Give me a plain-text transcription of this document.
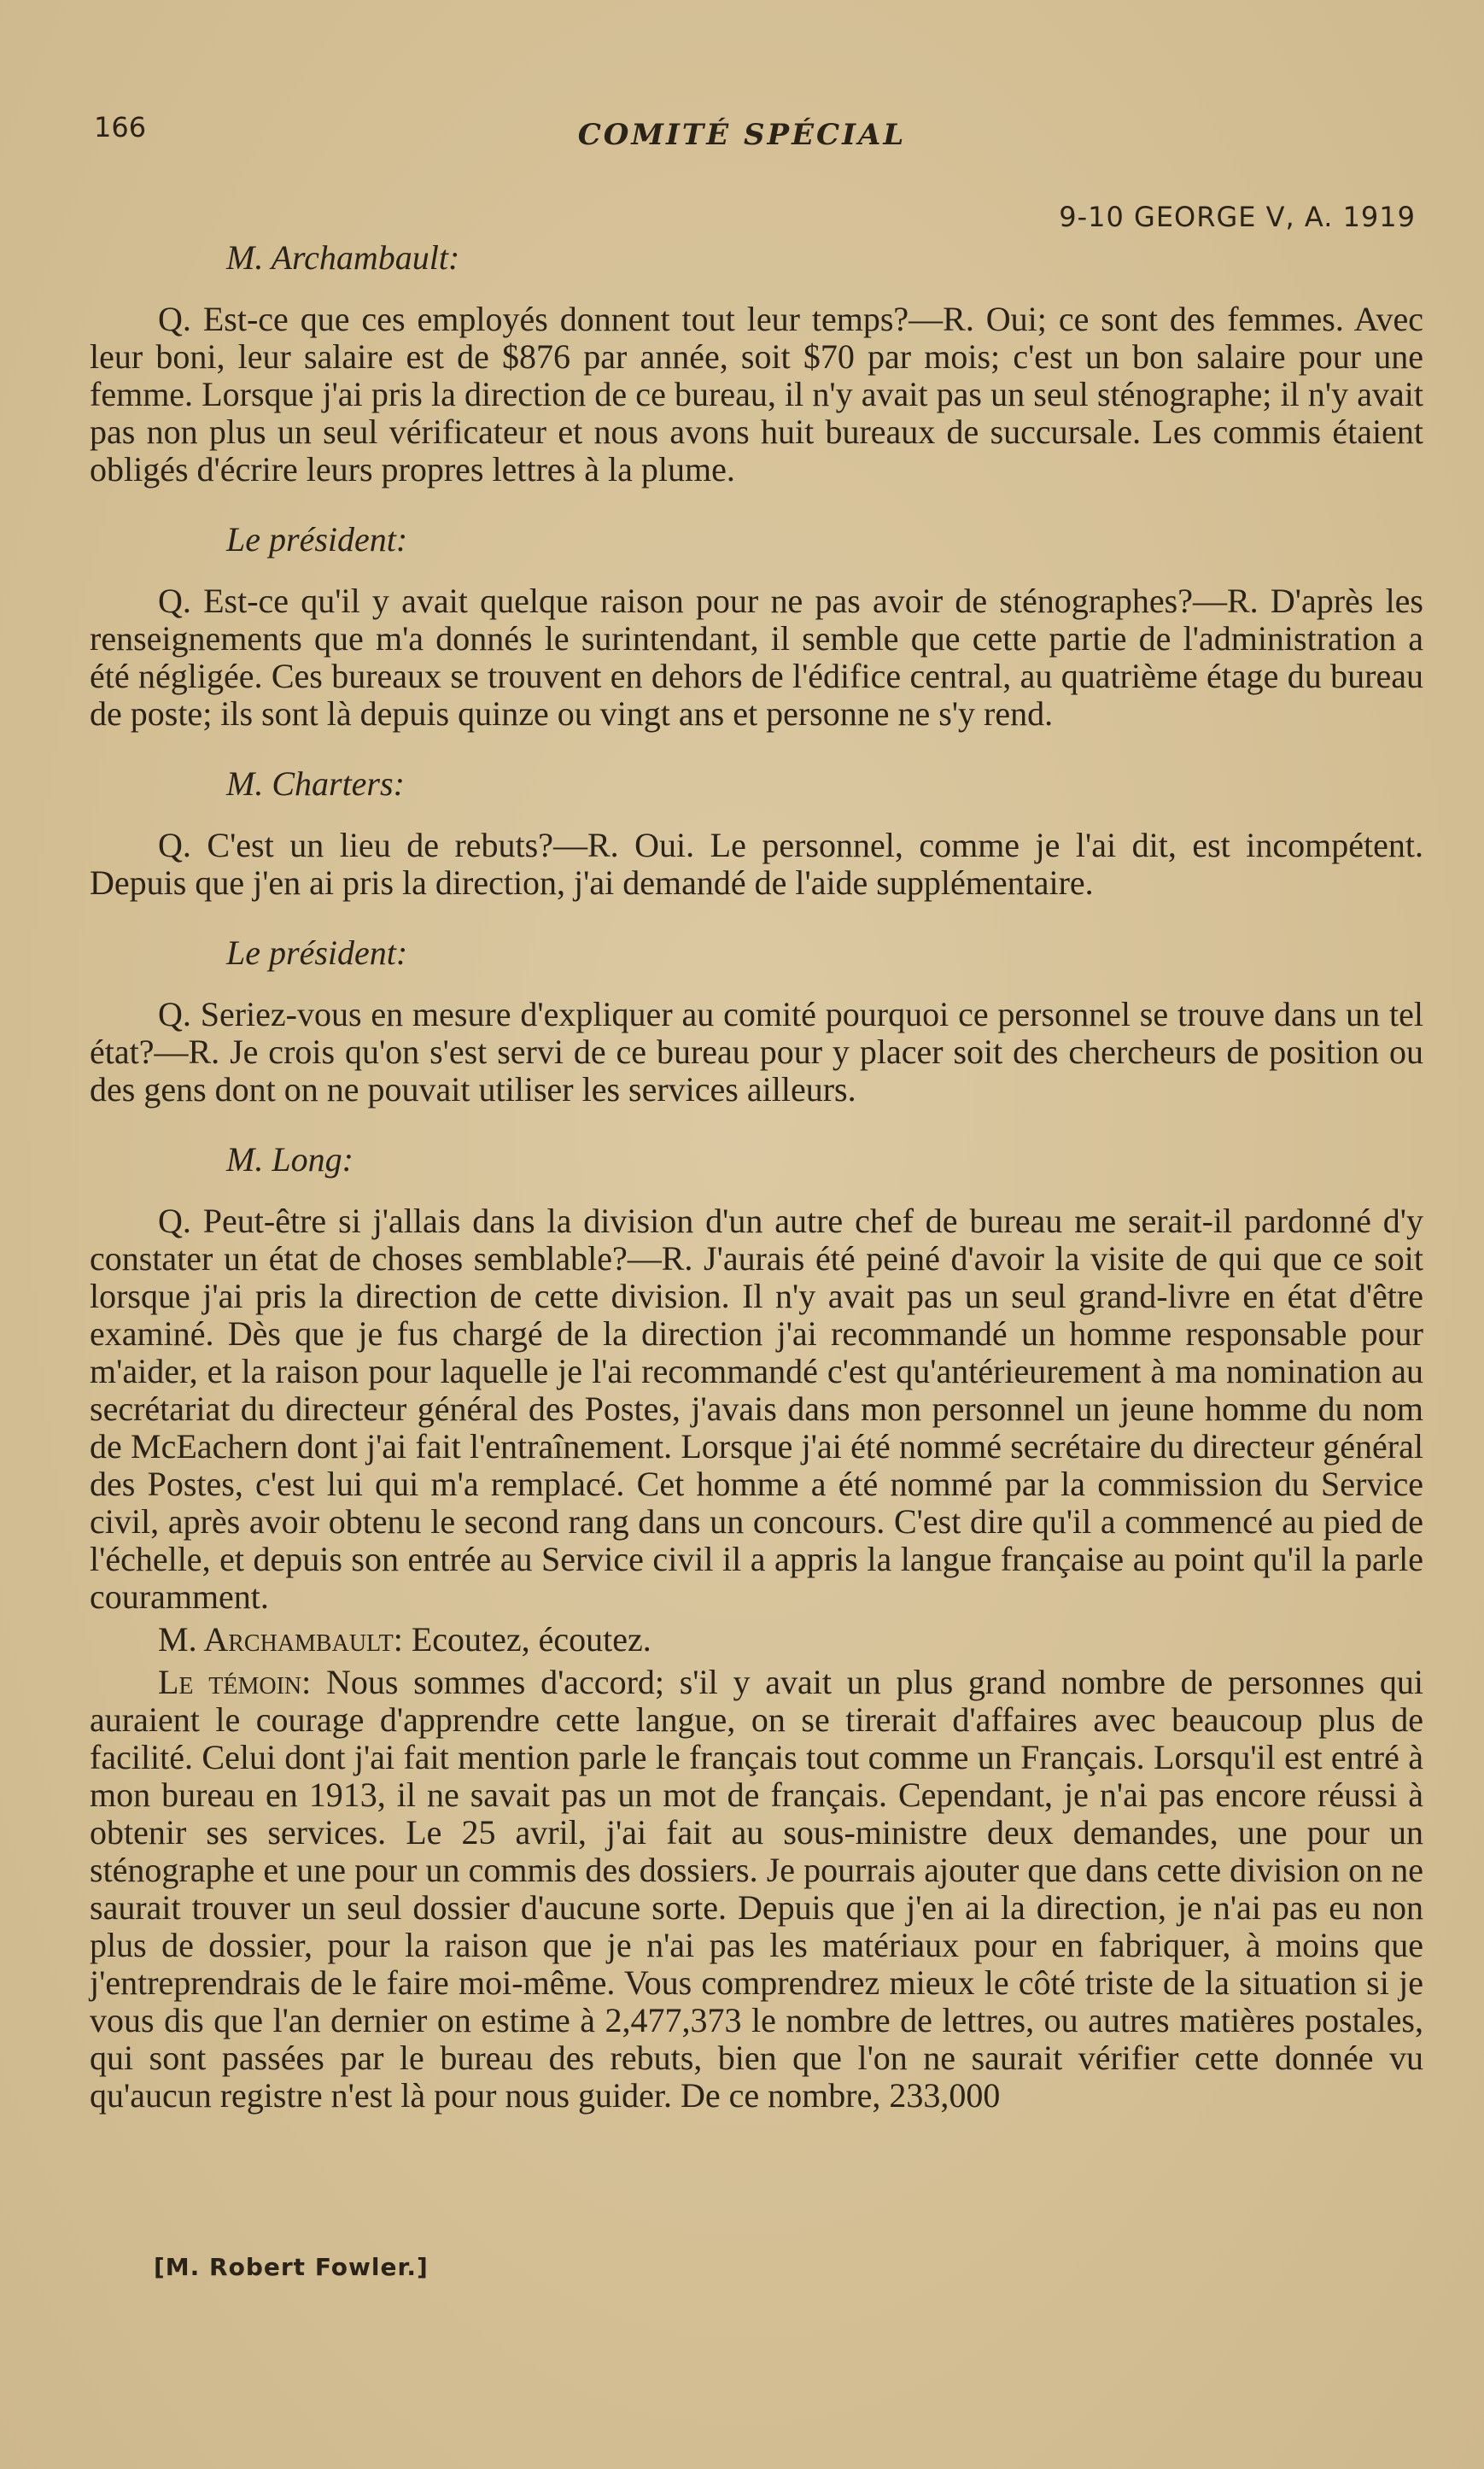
166	COMITÉ SPÉCIAL
9-10 GEORGE V, A. 1919
M. Archambault:

Q. Est-ce que ces employés donnent tout leur temps?—R. Oui; ce sont des femmes. Avec leur boni, leur salaire est de $876 par année, soit $70 par mois; c'est un bon salaire pour une femme. Lorsque j'ai pris la direction de ce bureau, il n'y avait pas un seul sténographe; il n'y avait pas non plus un seul vérificateur et nous avons huit bureaux de succursale. Les commis étaient obligés d'écrire leurs propres lettres à la plume.

Le président:

Q. Est-ce qu'il y avait quelque raison pour ne pas avoir de sténographes?—R. D'après les renseignements que m'a donnés le surintendant, il semble que cette partie de l'administration a été négligée. Ces bureaux se trouvent en dehors de l'édifice central, au quatrième étage du bureau de poste; ils sont là depuis quinze ou vingt ans et personne ne s'y rend.

M. Charters:

Q. C'est un lieu de rebuts?—R. Oui. Le personnel, comme je l'ai dit, est incompétent. Depuis que j'en ai pris la direction, j'ai demandé de l'aide supplémentaire.

Le président:

Q. Seriez-vous en mesure d'expliquer au comité pourquoi ce personnel se trouve dans un tel état?—R. Je crois qu'on s'est servi de ce bureau pour y placer soit des chercheurs de position ou des gens dont on ne pouvait utiliser les services ailleurs.

M. Long:

Q. Peut-être si j'allais dans la division d'un autre chef de bureau me serait-il pardonné d'y constater un état de choses semblable?—R. J'aurais été peiné d'avoir la visite de qui que ce soit lorsque j'ai pris la direction de cette division. Il n'y avait pas un seul grand-livre en état d'être examiné. Dès que je fus chargé de la direction j'ai recommandé un homme responsable pour m'aider, et la raison pour laquelle je l'ai recommandé c'est qu'antérieurement à ma nomination au secrétariat du directeur général des Postes, j'avais dans mon personnel un jeune homme du nom de McEachern dont j'ai fait l'entraînement. Lorsque j'ai été nommé secrétaire du directeur général des Postes, c'est lui qui m'a remplacé. Cet homme a été nommé par la commission du Service civil, après avoir obtenu le second rang dans un concours. C'est dire qu'il a commencé au pied de l'échelle, et depuis son entrée au Service civil il a appris la langue française au point qu'il la parle couramment.

M. Archambault: Ecoutez, écoutez.

Le témoin: Nous sommes d'accord; s'il y avait un plus grand nombre de personnes qui auraient le courage d'apprendre cette langue, on se tirerait d'affaires avec beaucoup plus de facilité. Celui dont j'ai fait mention parle le français tout comme un Français. Lorsqu'il est entré à mon bureau en 1913, il ne savait pas un mot de français. Cependant, je n'ai pas encore réussi à obtenir ses services. Le 25 avril, j'ai fait au sous-ministre deux demandes, une pour un sténographe et une pour un commis des dossiers. Je pourrais ajouter que dans cette division on ne saurait trouver un seul dossier d'aucune sorte. Depuis que j'en ai la direction, je n'ai pas eu non plus de dossier, pour la raison que je n'ai pas les matériaux pour en fabriquer, à moins que j'entreprendrais de le faire moi-même. Vous comprendrez mieux le côté triste de la situation si je vous dis que l'an dernier on estime à 2,477,373 le nombre de lettres, ou autres matières postales, qui sont passées par le bureau des rebuts, bien que l'on ne saurait vérifier cette donnée vu qu'aucun registre n'est là pour nous guider. De ce nombre, 233,000

[M. Robert Fowler.]
